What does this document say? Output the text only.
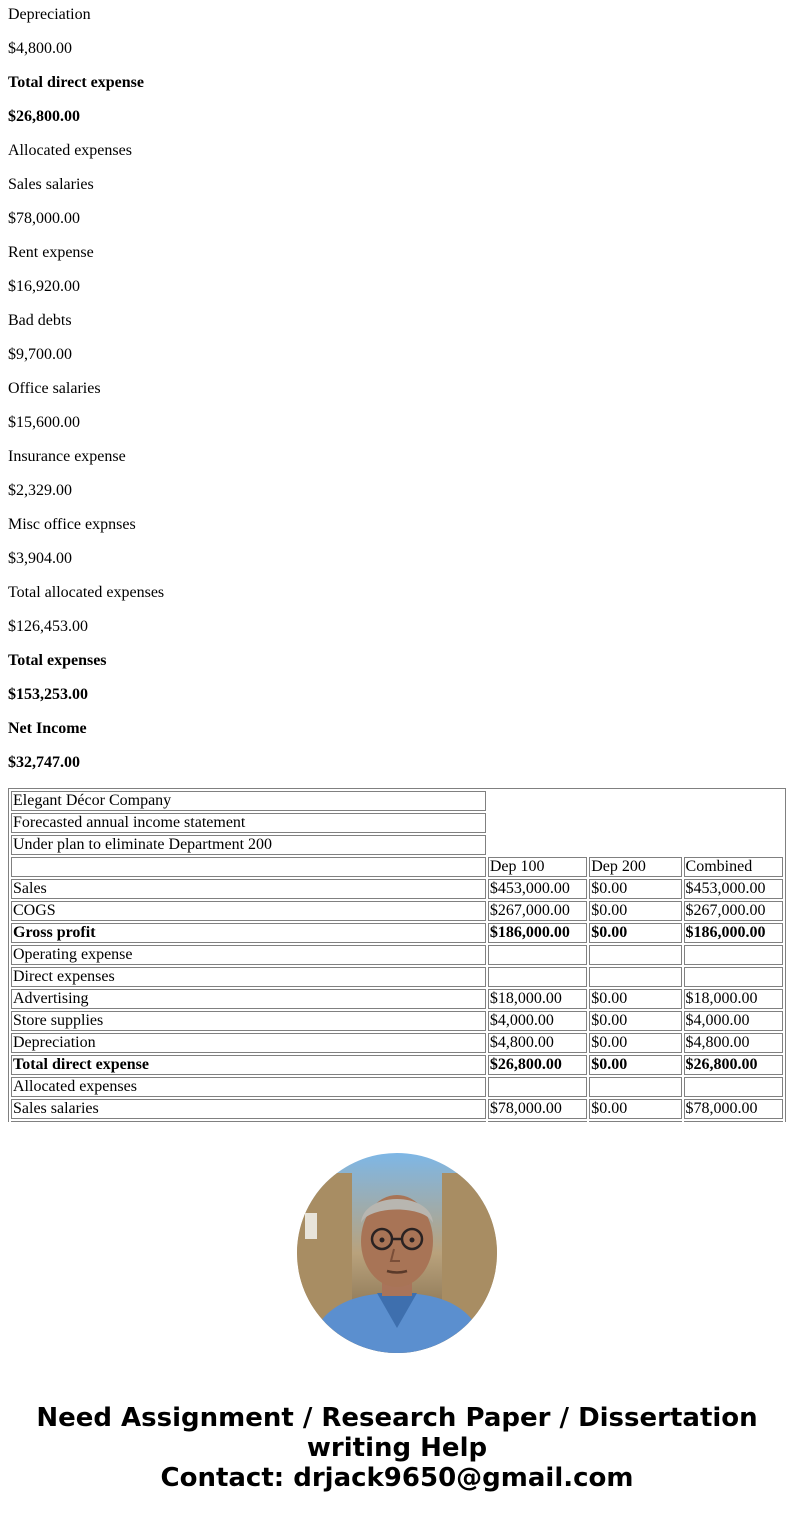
Depreciation

$4,800.00

Total direct expense

$26,800.00

Allocated expenses

Sales salaries

$78,000.00

Rent expense

$16,920.00

Bad debts

$9,700.00

Office salaries

$15,600.00

Insurance expense

$2,329.00

Misc office expnses

$3,904.00

Total allocated expenses

$126,453.00

Total expenses

$153,253.00

Net Income

$32,747.00

Elegant Décor Company			
Forecasted annual income statement			
Under plan to eliminate Department 200			
	Dep 100	Dep 200	Combined
Sales	$453,000.00	$0.00	$453,000.00
COGS	$267,000.00	$0.00	$267,000.00
Gross profit	$186,000.00	$0.00	$186,000.00
Operating expense			
Direct expenses			
Advertising	$18,000.00	$0.00	$18,000.00
Store supplies	$4,000.00	$0.00	$4,000.00
Depreciation	$4,800.00	$0.00	$4,800.00
Total direct expense	$26,800.00	$0.00	$26,800.00
Allocated expenses			
Sales salaries	$78,000.00	$0.00	$78,000.00

Need Assignment / Research Paper / Dissertation
writing Help
Contact: drjack9650@gmail.com
